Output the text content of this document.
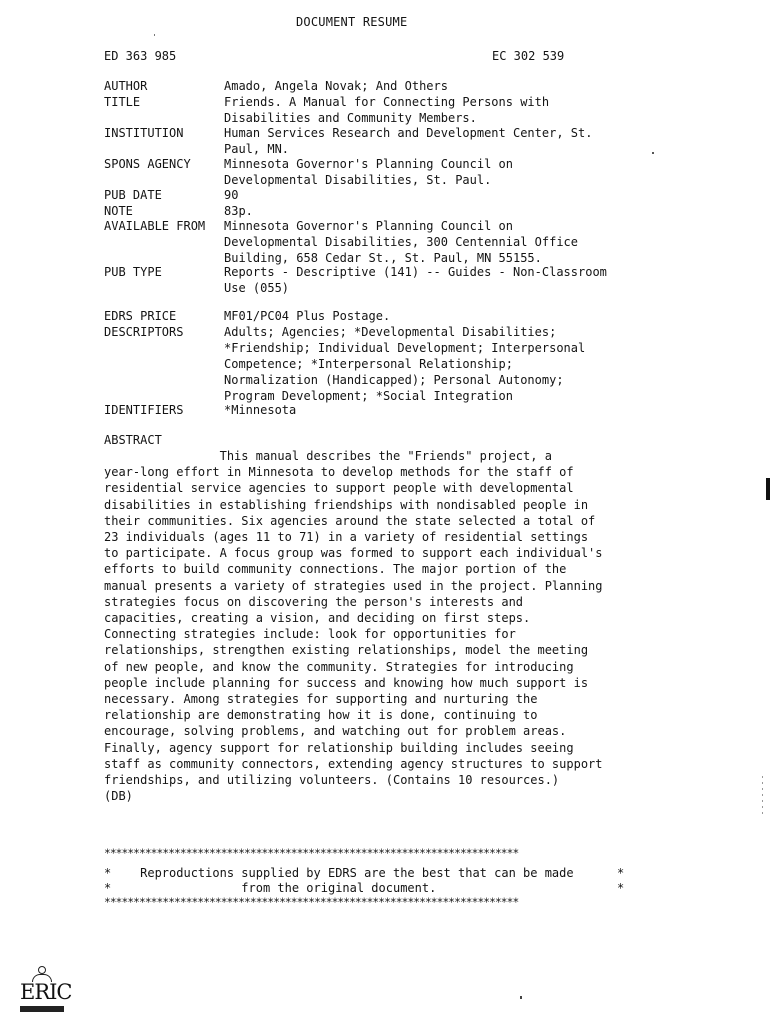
DOCUMENT RESUME
ED 363 985	EC 302 539
AUTHOR	Amado, Angela Novak; And Others
TITLE	Friends. A Manual for Connecting Persons with
Disabilities and Community Members.
INSTITUTION	Human Services Research and Development Center, St.
Paul, MN.
SPONS AGENCY	Minnesota Governor's Planning Council on
Developmental Disabilities, St. Paul.
PUB DATE	90
NOTE	83p.
AVAILABLE FROM	Minnesota Governor's Planning Council on
Developmental Disabilities, 300 Centennial Office
Building, 658 Cedar St., St. Paul, MN 55155.
PUB TYPE	Reports - Descriptive (141) -- Guides - Non-Classroom
Use (055)
EDRS PRICE	MF01/PC04 Plus Postage.
DESCRIPTORS	Adults; Agencies; *Developmental Disabilities;
*Friendship; Individual Development; Interpersonal
Competence; *Interpersonal Relationship;
Normalization (Handicapped); Personal Autonomy;
Program Development; *Social Integration
IDENTIFIERS	*Minnesota
ABSTRACT
This manual describes the "Friends" project, a
year-long effort in Minnesota to develop methods for the staff of
residential service agencies to support people with developmental
disabilities in establishing friendships with nondisabled people in
their communities. Six agencies around the state selected a total of
23 individuals (ages 11 to 71) in a variety of residential settings
to participate. A focus group was formed to support each individual's
efforts to build community connections. The major portion of the
manual presents a variety of strategies used in the project. Planning
strategies focus on discovering the person's interests and
capacities, creating a vision, and deciding on first steps.
Connecting strategies include: look for opportunities for
relationships, strengthen existing relationships, model the meeting
of new people, and know the community. Strategies for introducing
people include planning for success and knowing how much support is
necessary. Among strategies for supporting and nurturing the
relationship are demonstrating how it is done, continuing to
encourage, solving problems, and watching out for problem areas.
Finally, agency support for relationship building includes seeing
staff as community connectors, extending agency structures to support
friendships, and utilizing volunteers. (Contains 10 resources.)
(DB)
***********************************************************************
*    Reproductions supplied by EDRS are the best that can be made      *
*                  from the original document.                         *
***********************************************************************
ERIC
